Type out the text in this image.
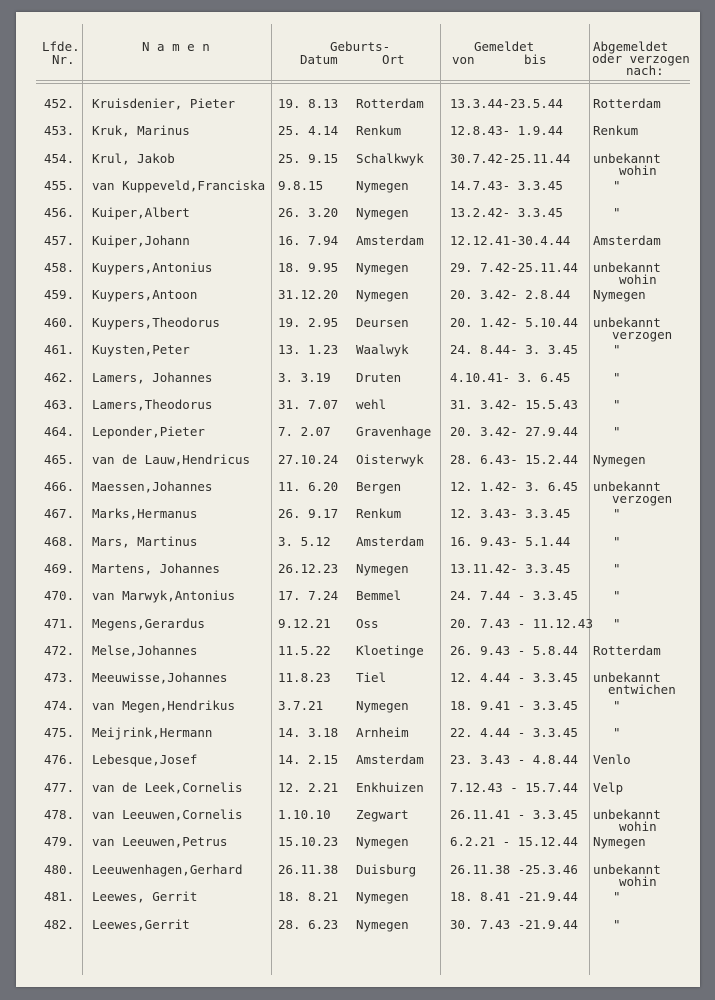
Lfde.
Nr.
N a m e n	Geburts-
Datum	Ort
Gemeldet
von	bis
Abgemeldet
oder verzogen
nach:
452. Kruisdenier, Pieter	19. 8.13 Rotterdam 13.3.44-23.5.44 Rotterdam
453. Kruk, Marinus	25. 4.14 Renkum	12.8.43- 1.9.44 Renkum
454. Krul, Jakob	25. 9.15 Schalkwyk 30.7.42-25.11.44 unbekannt
wohin
455. van Kuppeveld,Franciska 9.8.15	Nymegen	14.7.43- 3.3.45	"
456. Kuiper,Albert	26. 3.20 Nymegen	13.2.42- 3.3.45	"
457. Kuiper,Johann	16. 7.94 Amsterdam 12.12.41-30.4.44 Amsterdam
458. Kuypers,Antonius	18. 9.95 Nymegen	29. 7.42-25.11.44 unbekannt
wohin
459. Kuypers,Antoon	31.12.20 Nymegen	20. 3.42- 2.8.44 Nymegen
460. Kuypers,Theodorus	19. 2.95 Deursen	20. 1.42- 5.10.44 unbekannt
verzogen
461. Kuysten,Peter	13. 1.23 Waalwyk	24. 8.44- 3. 3.45	"
462. Lamers, Johannes	3. 3.19 Druten	4.10.41- 3. 6.45	"
463. Lamers,Theodorus	31. 7.07 wehl	31. 3.42- 15.5.43	"
464. Leponder,Pieter	7. 2.07 Gravenhage 20. 3.42- 27.9.44	"
465. van de Lauw,Hendricus 27.10.24 Oisterwyk 28. 6.43- 15.2.44 Nymegen
466. Maessen,Johannes	11. 6.20 Bergen	12. 1.42- 3. 6.45 unbekannt
verzogen
467. Marks,Hermanus	26. 9.17 Renkum	12. 3.43- 3.3.45	"
468. Mars, Martinus	3. 5.12 Amsterdam 16. 9.43- 5.1.44	"
469. Martens, Johannes	26.12.23 Nymegen	13.11.42- 3.3.45	"
470. van Marwyk,Antonius	17. 7.24 Bemmel	24. 7.44 - 3.3.45	"
471. Megens,Gerardus	9.12.21 Oss	20. 7.43 - 11.12.43 "
472. Melse,Johannes	11.5.22 Kloetinge 26. 9.43 - 5.8.44 Rotterdam
473. Meeuwisse,Johannes	11.8.23 Tiel	12. 4.44 - 3.3.45 unbekannt
entwichen
474. van Megen,Hendrikus	3.7.21	Nymegen	18. 9.41 - 3.3.45	"
475. Meijrink,Hermann	14. 3.18 Arnheim	22. 4.44 - 3.3.45	"
476. Lebesque,Josef	14. 2.15 Amsterdam 23. 3.43 - 4.8.44 Venlo
477. van de Leek,Cornelis	12. 2.21 Enkhuizen 7.12.43 - 15.7.44 Velp
478. van Leeuwen,Cornelis	1.10.10 Zegwart	26.11.41 - 3.3.45 unbekannt
wohin
479. van Leeuwen,Petrus	15.10.23 Nymegen	6.2.21 - 15.12.44 Nymegen
480. Leeuwenhagen,Gerhard	26.11.38 Duisburg	26.11.38 -25.3.46 unbekannt
wohin
481. Leewes, Gerrit	18. 8.21 Nymegen	18. 8.41 -21.9.44	"
482. Leewes,Gerrit	28. 6.23 Nymegen	30. 7.43 -21.9.44	"
